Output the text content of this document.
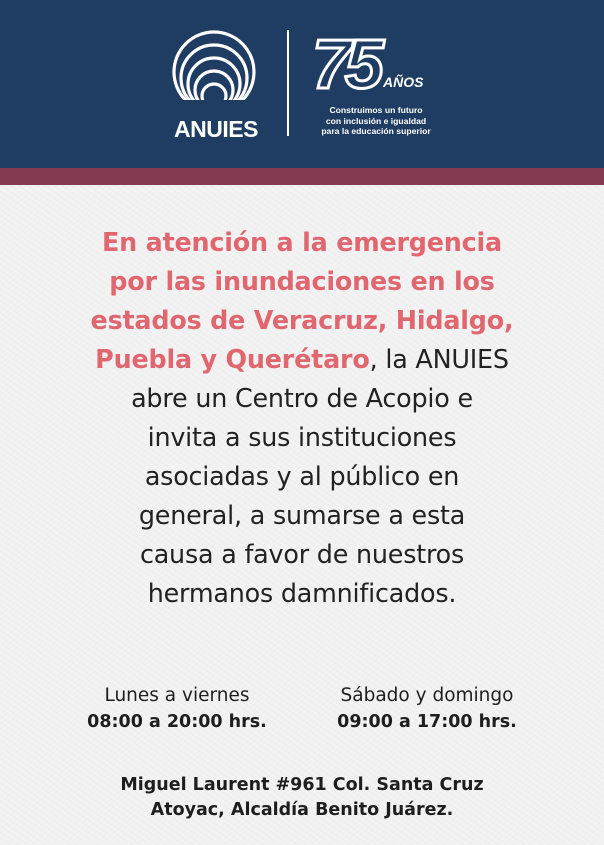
ANUIES
75 AÑOS
Construimos un futuro
con inclusión e igualdad
para la educación superior
En atención a la emergencia
por las inundaciones en los
estados de Veracruz, Hidalgo,
Puebla y Querétaro, la ANUIES
abre un Centro de Acopio e
invita a sus instituciones
asociadas y al público en
general, a sumarse a esta
causa a favor de nuestros
hermanos damnificados.
Lunes a viernes
08:00 a 20:00 hrs.
Sábado y domingo
09:00 a 17:00 hrs.
Miguel Laurent #961 Col. Santa Cruz
Atoyac, Alcaldía Benito Juárez.
